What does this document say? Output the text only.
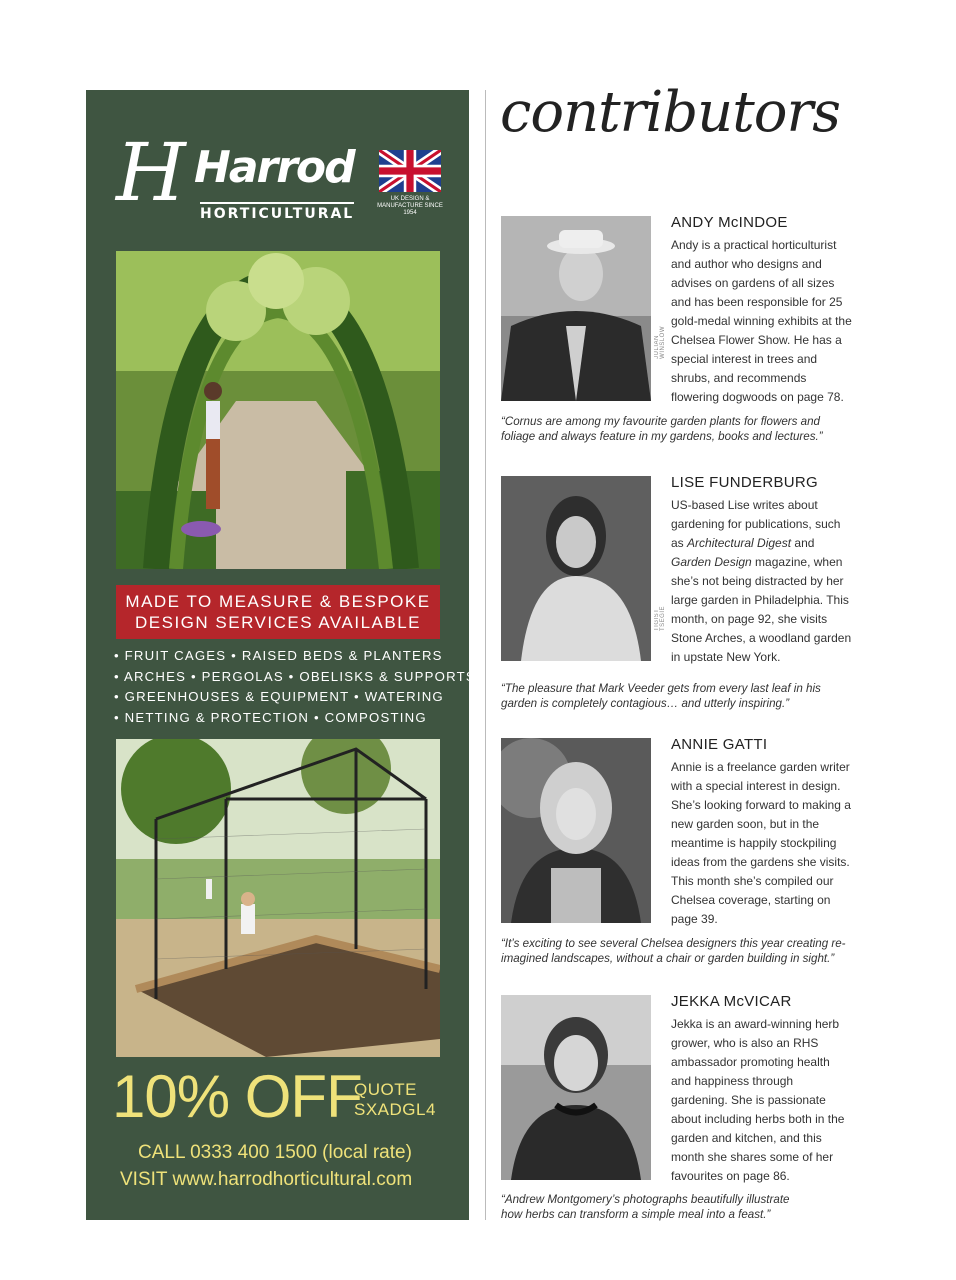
H Harrod
HORTICULTURAL
UK DESIGN & MANUFACTURE SINCE 1954
MADE TO MEASURE & BESPOKE
DESIGN SERVICES AVAILABLE
• FRUIT CAGES • RAISED BEDS & PLANTERS
• ARCHES • PERGOLAS • OBELISKS & SUPPORTS
• GREENHOUSES & EQUIPMENT • WATERING
• NETTING & PROTECTION • COMPOSTING
10% OFF
QUOTE
SXADGL4
CALL 0333 400 1500 (local rate)
VISIT www.harrodhorticultural.com
contributors
JULIAN WINSLOW
ANDY McINDOE
Andy is a practical horticulturist and author who designs and advises on gardens of all sizes and has been responsible for 25 gold-medal winning exhibits at the Chelsea Flower Show. He has a special interest in trees and shrubs, and recommends flowering dogwoods on page 78.
“Cornus are among my favourite garden plants for flowers and
foliage and always feature in my gardens, books and lectures.”
TIGIST TSEGIE
LISE FUNDERBURG
US-based Lise writes about gardening for publications, such as Architectural Digest and Garden Design magazine, when she’s not being distracted by her large garden in Philadelphia. This month, on page 92, she visits Stone Arches, a woodland garden in upstate New York.
“The pleasure that Mark Veeder gets from every last leaf in his
garden is completely contagious… and utterly inspiring.”
ANNIE GATTI
Annie is a freelance garden writer with a special interest in design. She’s looking forward to making a new garden soon, but in the meantime is happily stockpiling ideas from the gardens she visits. This month she’s compiled our Chelsea coverage, starting on page 39.
“It’s exciting to see several Chelsea designers this year creating re-
imagined landscapes, without a chair or garden building in sight.”
JEKKA McVICAR
Jekka is an award-winning herb grower, who is also an RHS ambassador promoting health and happiness through gardening. She is passionate about including herbs both in the garden and kitchen, and this month she shares some of her favourites on page 86.
“Andrew Montgomery’s photographs beautifully illustrate
how herbs can transform a simple meal into a feast.”
